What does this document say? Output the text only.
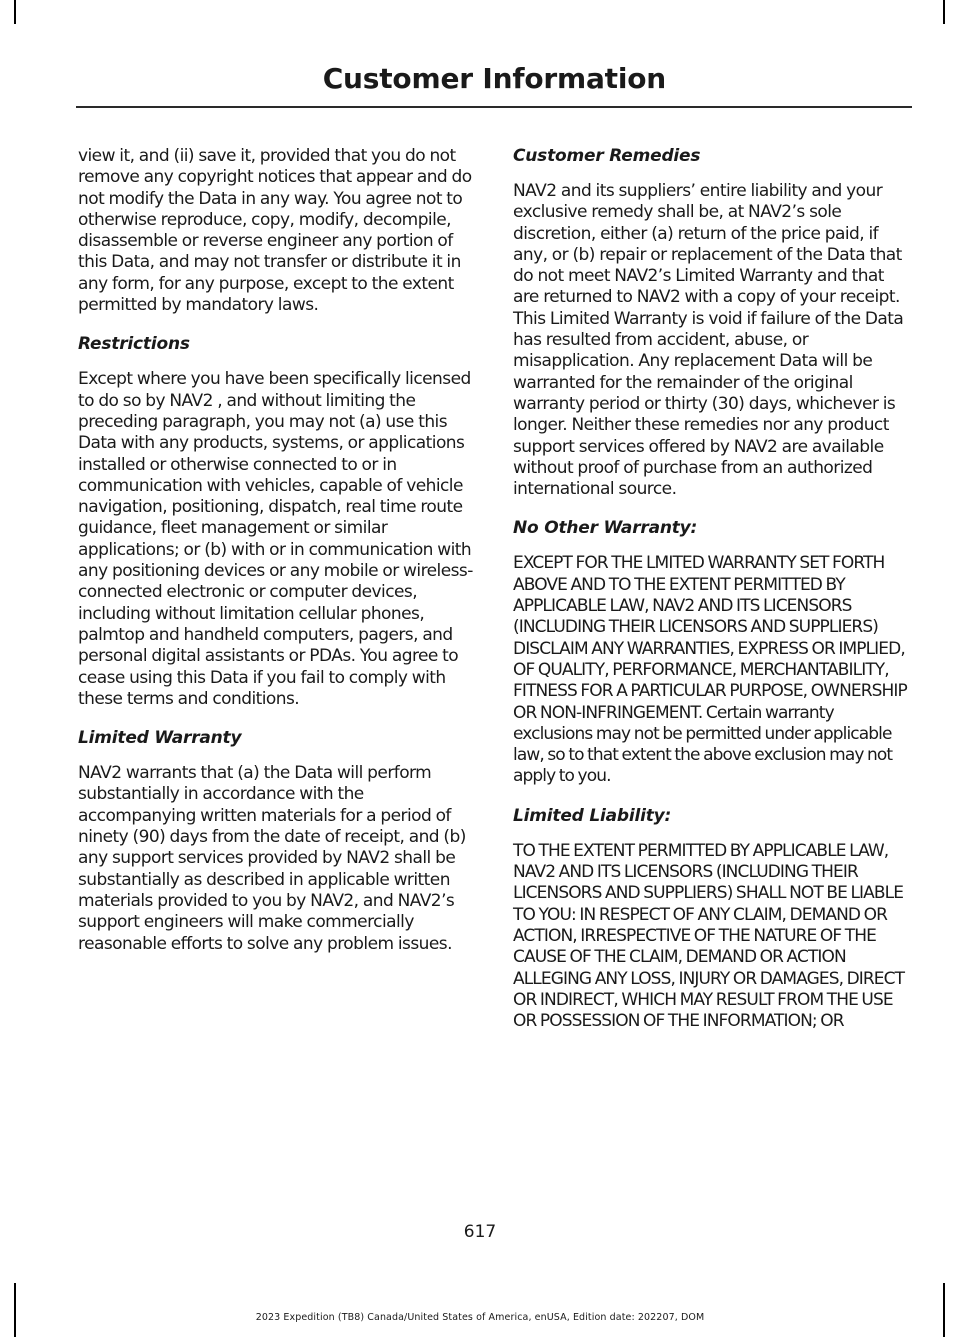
Customer Information

view it, and (ii) save it, provided that you do not remove any copyright notices that appear and do not modify the Data in any way. You agree not to otherwise reproduce, copy, modify, decompile, disassemble or reverse engineer any portion of this Data, and may not transfer or distribute it in any form, for any purpose, except to the extent permitted by mandatory laws.

Restrictions

Except where you have been specifically licensed to do so by NAV2 , and without limiting the preceding paragraph, you may not (a) use this Data with any products, systems, or applications installed or otherwise connected to or in communication with vehicles, capable of vehicle navigation, positioning, dispatch, real time route guidance, fleet management or similar applications; or (b) with or in communication with any positioning devices or any mobile or wireless-connected electronic or computer devices, including without limitation cellular phones, palmtop and handheld computers, pagers, and personal digital assistants or PDAs. You agree to cease using this Data if you fail to comply with these terms and conditions.

Limited Warranty

NAV2 warrants that (a) the Data will perform substantially in accordance with the accompanying written materials for a period of ninety (90) days from the date of receipt, and (b) any support services provided by NAV2 shall be substantially as described in applicable written materials provided to you by NAV2, and NAV2’s support engineers will make commercially reasonable efforts to solve any problem issues.

Customer Remedies

NAV2 and its suppliers’ entire liability and your exclusive remedy shall be, at NAV2’s sole discretion, either (a) return of the price paid, if any, or (b) repair or replacement of the Data that do not meet NAV2’s Limited Warranty and that are returned to NAV2 with a copy of your receipt. This Limited Warranty is void if failure of the Data has resulted from accident, abuse, or misapplication. Any replacement Data will be warranted for the remainder of the original warranty period or thirty (30) days, whichever is longer. Neither these remedies nor any product support services offered by NAV2 are available without proof of purchase from an authorized international source.

No Other Warranty:

EXCEPT FOR THE LMITED WARRANTY SET FORTH ABOVE AND TO THE EXTENT PERMITTED BY APPLICABLE LAW, NAV2 AND ITS LICENSORS (INCLUDING THEIR LICENSORS AND SUPPLIERS) DISCLAIM ANY WARRANTIES, EXPRESS OR IMPLIED, OF QUALITY, PERFORMANCE, MERCHANTABILITY, FITNESS FOR A PARTICULAR PURPOSE, OWNERSHIP OR NON-INFRINGEMENT. Certain warranty exclusions may not be permitted under applicable law, so to that extent the above exclusion may not apply to you.

Limited Liability:

TO THE EXTENT PERMITTED BY APPLICABLE LAW, NAV2 AND ITS LICENSORS (INCLUDING THEIR LICENSORS AND SUPPLIERS) SHALL NOT BE LIABLE TO YOU: IN RESPECT OF ANY CLAIM, DEMAND OR ACTION, IRRESPECTIVE OF THE NATURE OF THE CAUSE OF THE CLAIM, DEMAND OR ACTION ALLEGING ANY LOSS, INJURY OR DAMAGES, DIRECT OR INDIRECT, WHICH MAY RESULT FROM THE USE OR POSSESSION OF THE INFORMATION; OR

617
2023 Expedition (TB8) Canada/United States of America, enUSA, Edition date: 202207, DOM
